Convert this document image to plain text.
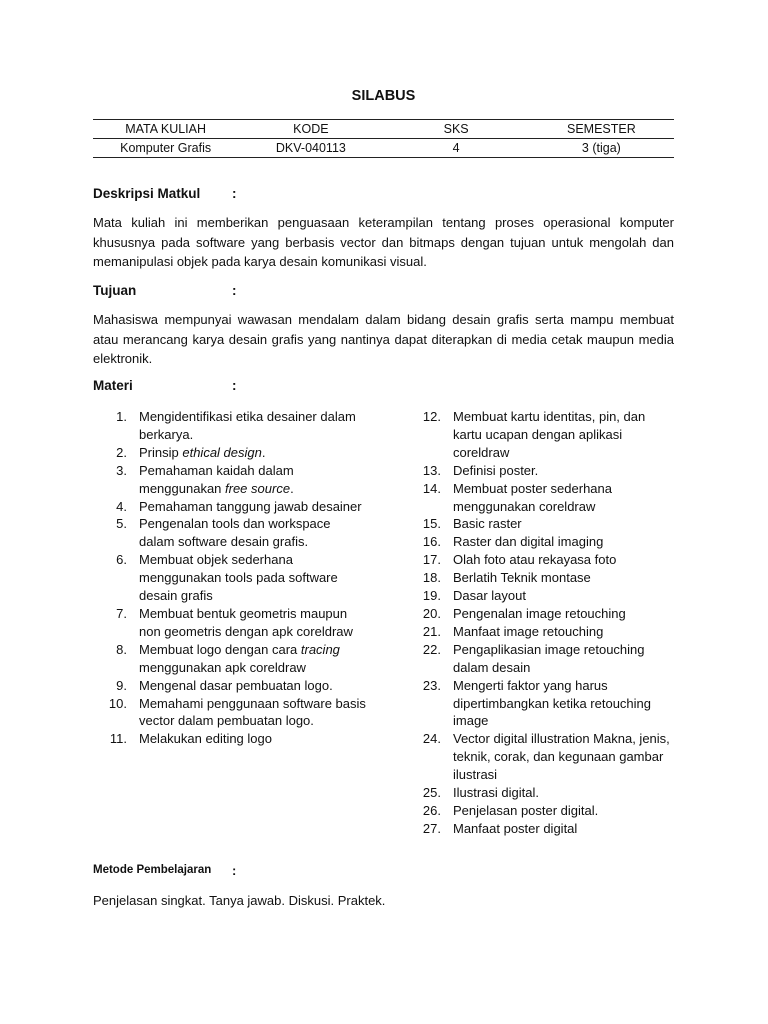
SILABUS
MATA KULIAH	KODE	SKS	SEMESTER
Komputer Grafis	DKV-040113	4	3 (tiga)
Deskripsi Matkul :
Mata kuliah ini memberikan penguasaan keterampilan tentang proses operasional komputer khususnya pada software yang berbasis vector dan bitmaps dengan tujuan untuk mengolah dan memanipulasi objek pada karya desain komunikasi visual.
Tujuan	:
Mahasiswa mempunyai wawasan mendalam dalam bidang desain grafis serta mampu membuat atau merancang karya desain grafis yang nantinya dapat diterapkan di media cetak maupun media elektronik.
Materi	:
1. Mengidentifikasi etika desainer dalam berkarya.
2. Prinsip ethical design.
3. Pemahaman kaidah dalam menggunakan free source.
4. Pemahaman tanggung jawab desainer
5. Pengenalan tools dan workspace dalam software desain grafis.
6. Membuat objek sederhana menggunakan tools pada software desain grafis
7. Membuat bentuk geometris maupun non geometris dengan apk coreldraw
8. Membuat logo dengan cara tracing menggunakan apk coreldraw
9. Mengenal dasar pembuatan logo.
10. Memahami penggunaan software basis vector dalam pembuatan logo.
11. Melakukan editing logo
12. Membuat kartu identitas, pin, dan kartu ucapan dengan aplikasi coreldraw
13. Definisi poster.
14. Membuat poster sederhana menggunakan coreldraw
15. Basic raster
16. Raster dan digital imaging
17. Olah foto atau rekayasa foto
18. Berlatih Teknik montase
19. Dasar layout
20. Pengenalan image retouching
21. Manfaat image retouching
22. Pengaplikasian image retouching dalam desain
23. Mengerti faktor yang harus dipertimbangkan ketika retouching image
24. Vector digital illustration Makna, jenis, teknik, corak, dan kegunaan gambar ilustrasi
25. Ilustrasi digital.
26. Penjelasan poster digital.
27. Manfaat poster digital
Metode Pembelajaran :
Penjelasan singkat. Tanya jawab. Diskusi. Praktek.
